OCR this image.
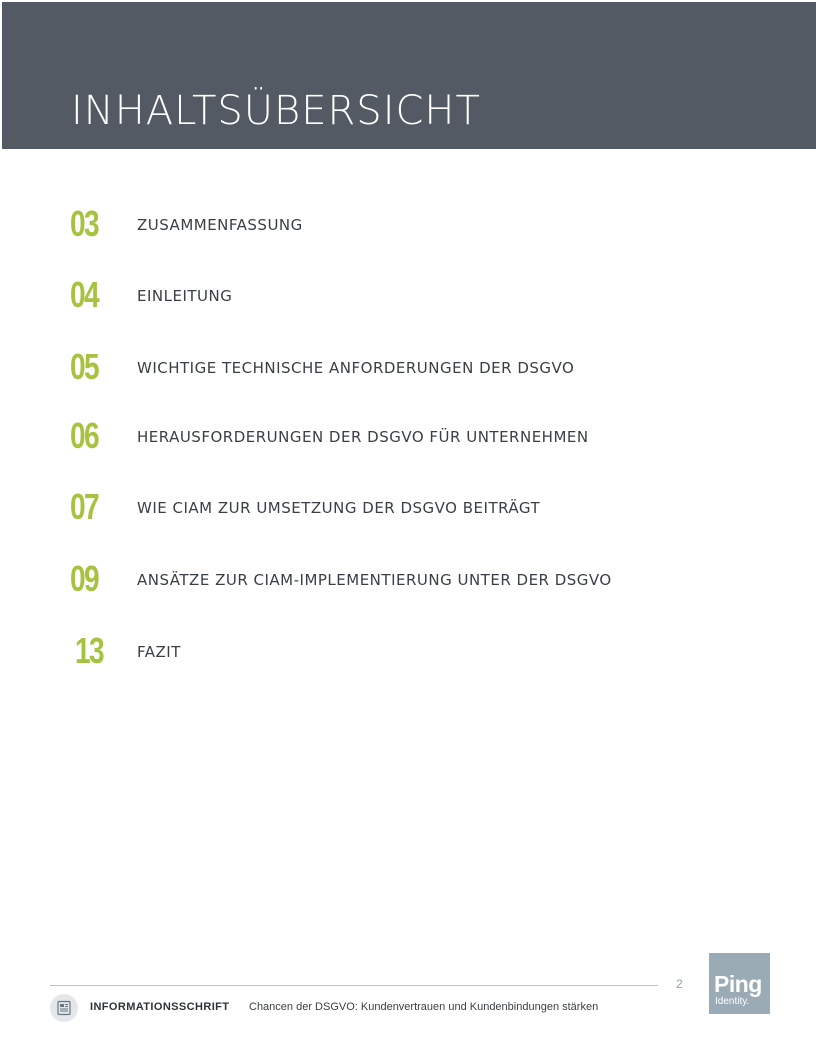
INHALTSÜBERSICHT
03	ZUSAMMENFASSUNG
04	EINLEITUNG
05	WICHTIGE TECHNISCHE ANFORDERUNGEN DER DSGVO
06	HERAUSFORDERUNGEN DER DSGVO FÜR UNTERNEHMEN
07	WIE CIAM ZUR UMSETZUNG DER DSGVO BEITRÄGT
09	ANSÄTZE ZUR CIAM-IMPLEMENTIERUNG UNTER DER DSGVO
13 FAZIT
2
INFORMATIONSSCHRIFT Chancen der DSGVO: Kundenvertrauen und Kundenbindungen stärken
Ping
Identity.
